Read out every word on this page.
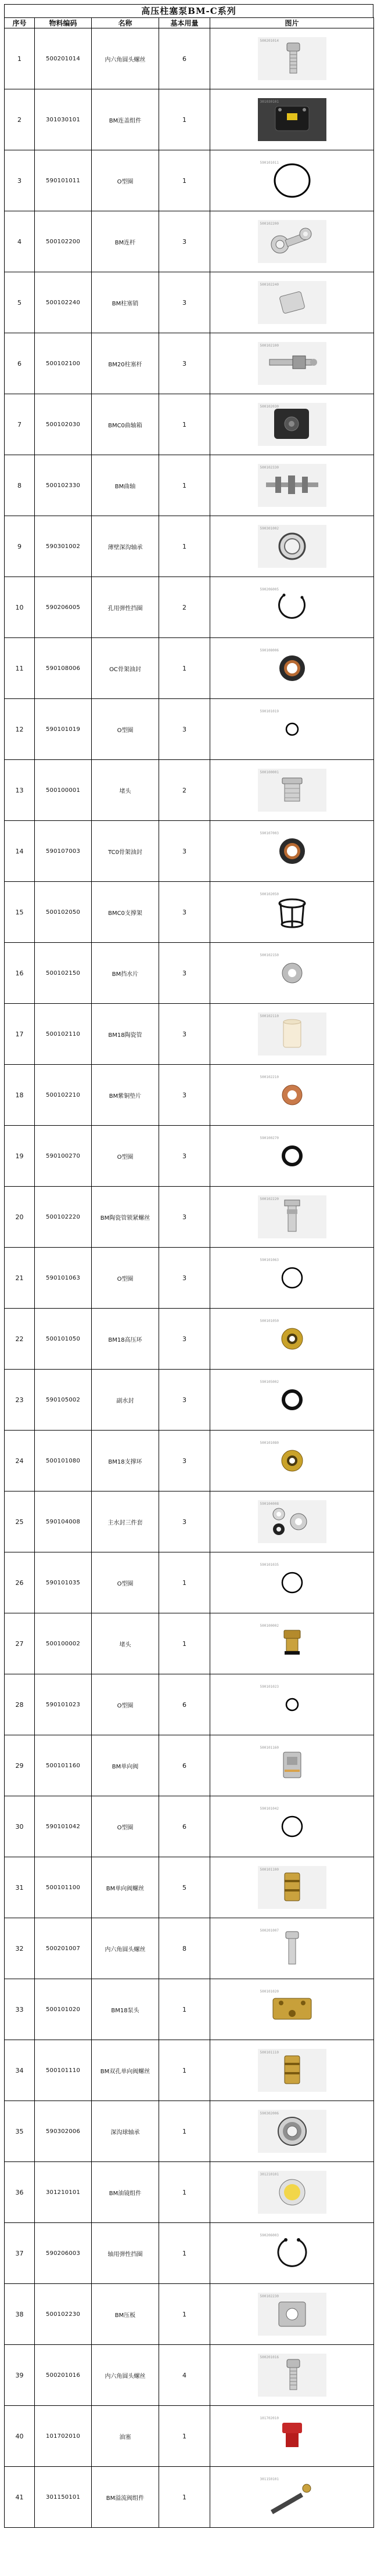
高压柱塞泵BM-C系列
序号	物料编码	名称	基本用量	图片
1	500201014	内六角圆头螺丝	6	500201014

2	301030101	BM连盖组件	1	301030101

3	590101011	O型圈	1	590101011

4	500102200	BM连杆	3	500102200

5	500102240	BM柱塞销	3	500102240

6	500102100	BM20柱塞杆	3	500102100

7	500102030	BMC0曲轴箱	1	500102030

8	500102330	BM曲轴	1	500102330

9	590301002	薄壁深沟轴承	1	590301002

10	590206005	孔用弹性挡圈	2	590206005

11	590108006	OC骨架油封	1	590108006

12	590101019	O型圈	3	590101019

13	500100001	堵头	2	500100001

14	590107003	TC0骨架油封	3	590107003

15	500102050	BMC0支撑架	3	500102050

16	500102150	BM挡水片	3	500102150

17	500102110	BM18陶瓷管	3	500102110

18	500102210	BM紫铜垫片	3	500102210

19	590100270	O型圈	3	590100270

20	500102220	BM陶瓷管锁紧螺丝	3	500102220

21	590101063	O型圈	3	590101063

22	500101050	BM18高压环	3	500101050

23	590105002	副水封	3	590105002

24	500101080	BM18支撑环	3	500101080

25	590104008	主水封三件套	3	590104008

26	590101035	O型圈	1	590101035

27	500100002	堵头	1	500100002

28	590101023	O型圈	6	590101023

29	500101160	BM单向阀	6	500101160

30	590101042	O型圈	6	590101042

31	500101100	BM单向阀螺丝	5	500101100

32	500201007	内六角圆头螺丝	8	500201007

33	500101020	BM18泵头	1	500101020

34	500101110	BM双孔单向阀螺丝	1	500101110

35	590302006	深沟球轴承	1	590302006

36	301210101	BM油镜组件	1	301210101

37	590206003	轴用弹性挡圈	1	590206003

38	500102230	BM压板	1	500102230

39	500201016	内六角圆头螺丝	4	500201016

40	101702010	油塞	1	101702010

41	301150101	BM溢流阀组件	1	301150101
